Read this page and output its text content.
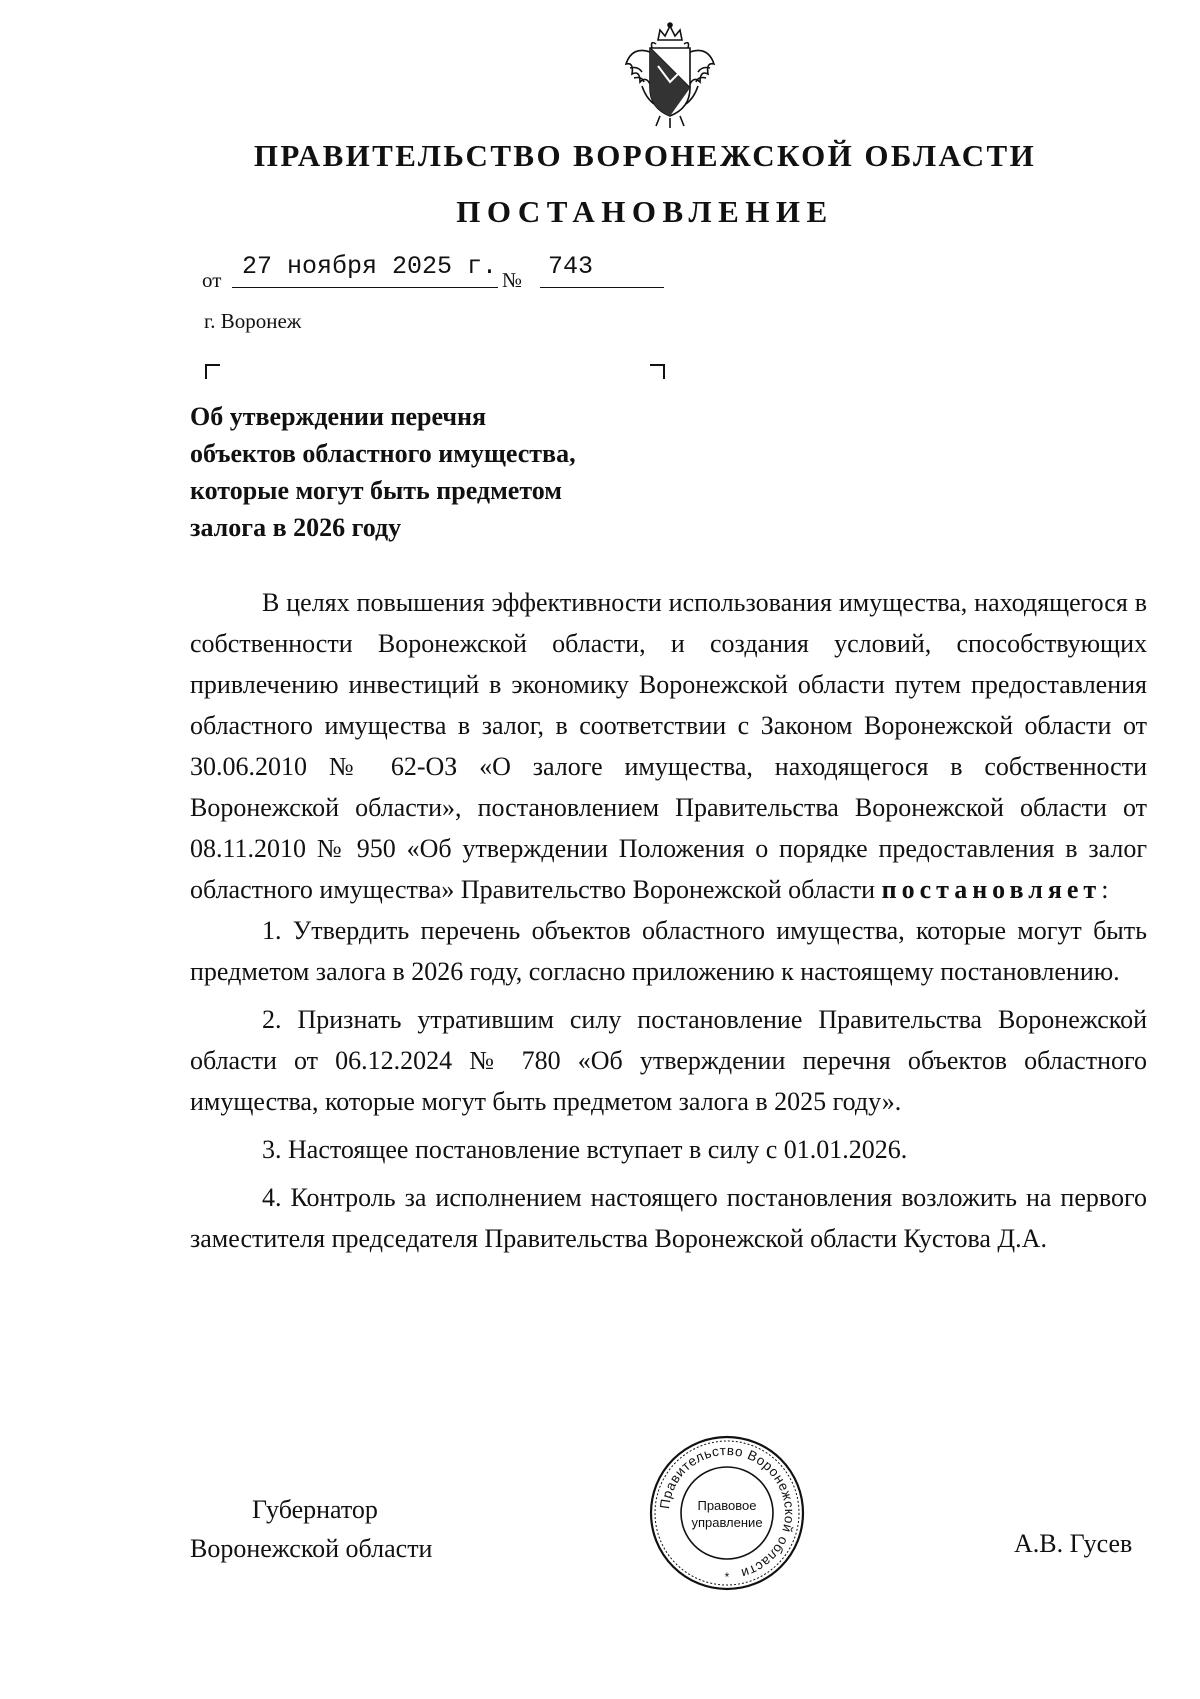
ПРАВИТЕЛЬСТВО ВОРОНЕЖСКОЙ ОБЛАСТИ
ПОСТАНОВЛЕНИЕ
от 27 ноября 2025 г. № 743
г. Воронеж
Об утверждении перечня
объектов областного имущества,
которые могут быть предметом
залога в 2026 году

В целях повышения эффективности использования имущества, находящегося в собственности Воронежской области, и создания условий, способствующих привлечению инвестиций в экономику Воронежской области путем предоставления областного имущества в залог, в соответствии с Законом Воронежской области от 30.06.2010 № 62-ОЗ «О залоге имущества, находящегося в собственности Воронежской области», постановлением Правительства Воронежской области от 08.11.2010 № 950 «Об утверждении Положения о порядке предоставления в залог областного имущества» Правительство Воронежской области постановляет:

1. Утвердить перечень объектов областного имущества, которые могут быть предметом залога в 2026 году, согласно приложению к настоящему постановлению.

2. Признать утратившим силу постановление Правительства Воронежской области от 06.12.2024 № 780 «Об утверждении перечня объектов областного имущества, которые могут быть предметом залога в 2025 году».

3. Настоящее постановление вступает в силу с 01.01.2026.

4. Контроль за исполнением настоящего постановления возложить на первого заместителя председателя Правительства Воронежской области Кустова Д.А.

Губернатор
Воронежской области	А.В. Гусев
Правительство Воронежской области
Правовое
управление
*
